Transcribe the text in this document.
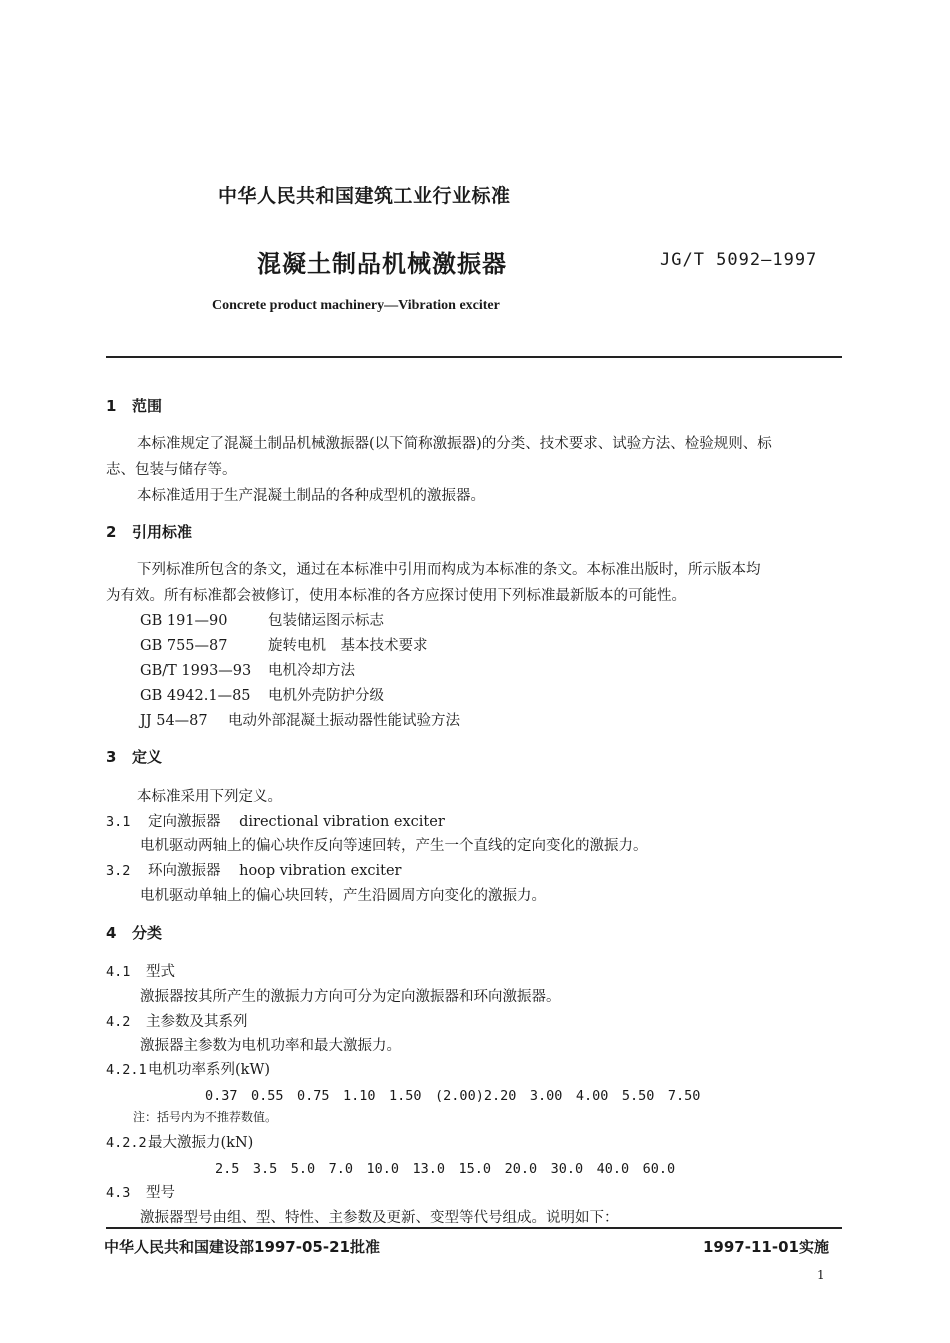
中华人民共和国建筑工业行业标准
混凝土制品机械激振器	JG/T 5092—1997
Concrete product machinery—Vibration exciter
1 范围
本标准规定了混凝土制品机械激振器(以下简称激振器)的分类、技术要求、试验方法、检验规则、标
志、包装与储存等。
本标准适用于生产混凝土制品的各种成型机的激振器。
2 引用标准
下列标准所包含的条文，通过在本标准中引用而构成为本标准的条文。本标准出版时，所示版本均
为有效。所有标准都会被修订，使用本标准的各方应探讨使用下列标准最新版本的可能性。
GB 191—90	包装储运图示标志
GB 755—87	旋转电机　基本技术要求
GB/T 1993—93 电机冷却方法
GB 4942.1—85 电机外壳防护分级
JJ 54—87 电动外部混凝土振动器性能试验方法
3 定义
本标准采用下列定义。
3.1 定向激振器 directional vibration exciter
电机驱动两轴上的偏心块作反向等速回转，产生一个直线的定向变化的激振力。
3.2 环向激振器 hoop vibration exciter
电机驱动单轴上的偏心块回转，产生沿圆周方向变化的激振力。
4 分类
4.1 型式
激振器按其所产生的激振力方向可分为定向激振器和环向激振器。
4.2 主参数及其系列
激振器主参数为电机功率和最大激振力。
4.2.1电机功率系列(kW)
0.37　0.55　0.75　1.10　1.50　(2.00)2.20　3.00　4.00　5.50　7.50
注：括号内为不推荐数值。
4.2.2最大激振力(kN)
2.5　3.5　5.0　7.0　10.0　13.0　15.0　20.0　30.0　40.0　60.0
4.3 型号
激振器型号由组、型、特性、主参数及更新、变型等代号组成。说明如下：
中华人民共和国建设部1997-05-21批准	1997-11-01实施
1
